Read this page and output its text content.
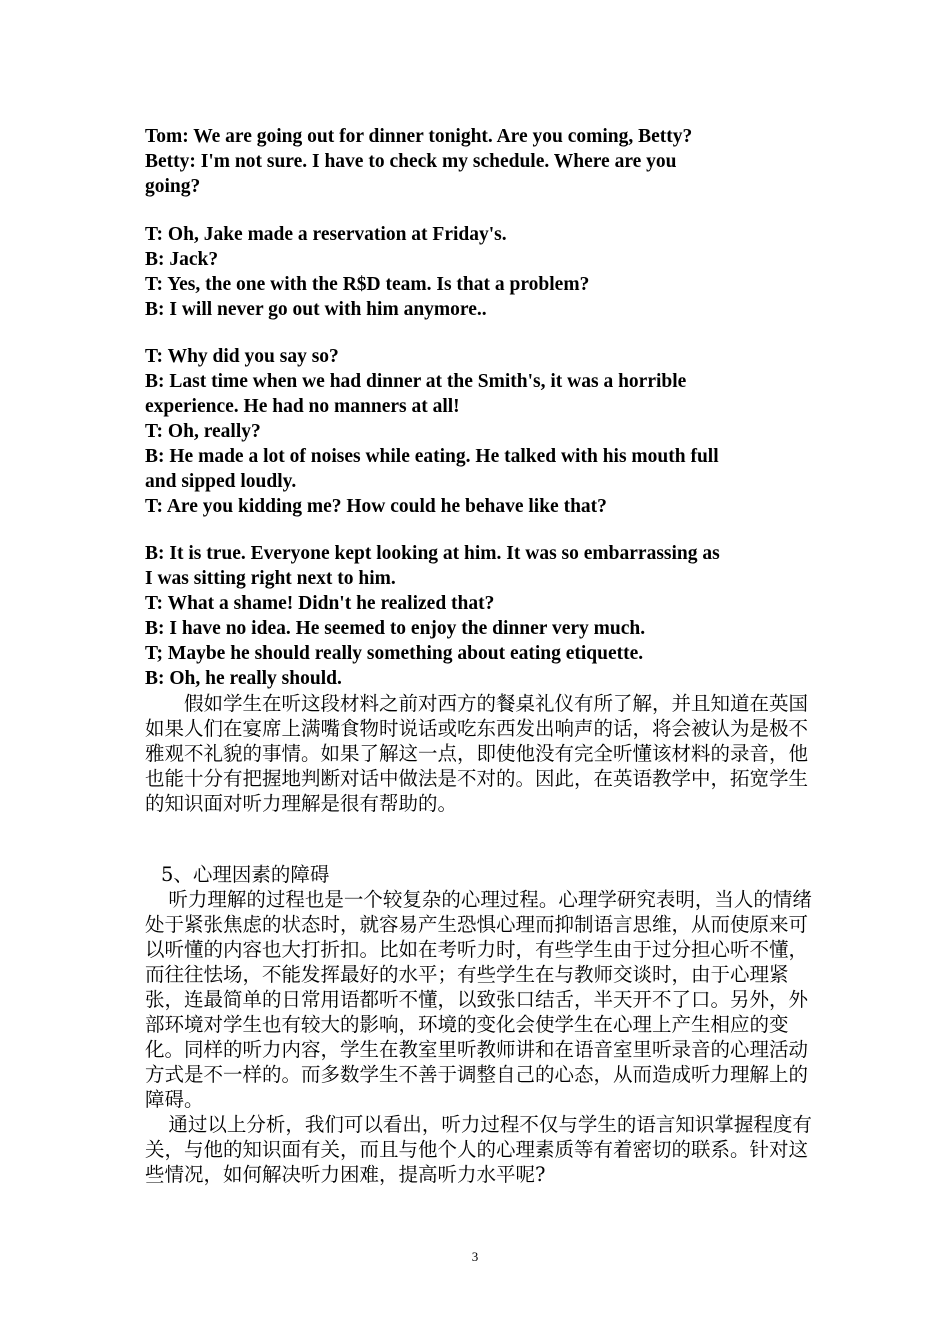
Tom: We are going out for dinner tonight. Are you coming, Betty?

Betty: I'm not sure. I have to check my schedule. Where are you

going?

T: Oh, Jake made a reservation at Friday's.

B: Jack?

T: Yes, the one with the R$D team. Is that a problem?

B: I will never go out with him anymore..

T: Why did you say so?

B: Last time when we had dinner at the Smith's, it was a horrible

experience. He had no manners at all!

T: Oh, really?

B: He made a lot of noises while eating. He talked with his mouth full

and sipped loudly.

T: Are you kidding me? How could he behave like that?

B: It is true. Everyone kept looking at him. It was so embarrassing as

I was sitting right next to him.

T: What a shame! Didn't he realized that?

B: I have no idea. He seemed to enjoy the dinner very much.

T; Maybe he should really something about eating etiquette.

B: Oh, he really should.

假如学生在听这段材料之前对西方的餐桌礼仪有所了解，并且知道在英国如果人们在宴席上满嘴食物时说话或吃东西发出响声的话，将会被认为是极不雅观不礼貌的事情。如果了解这一点，即使他没有完全听懂该材料的录音，他也能十分有把握地判断对话中做法是不对的。因此，在英语教学中，拓宽学生的知识面对听力理解是很有帮助的。

5、心理因素的障碍

听力理解的过程也是一个较复杂的心理过程。心理学研究表明，当人的情绪处于紧张焦虑的状态时，就容易产生恐惧心理而抑制语言思维，从而使原来可以听懂的内容也大打折扣。比如在考听力时，有些学生由于过分担心听不懂，而往往怯场，不能发挥最好的水平；有些学生在与教师交谈时，由于心理紧张，连最简单的日常用语都听不懂，以致张口结舌，半天开不了口。另外，外部环境对学生也有较大的影响，环境的变化会使学生在心理上产生相应的变化。同样的听力内容，学生在教室里听教师讲和在语音室里听录音的心理活动方式是不一样的。而多数学生不善于调整自己的心态，从而造成听力理解上的障碍。

通过以上分析，我们可以看出，听力过程不仅与学生的语言知识掌握程度有关，与他的知识面有关，而且与他个人的心理素质等有着密切的联系。针对这些情况，如何解决听力困难，提高听力水平呢?

3
